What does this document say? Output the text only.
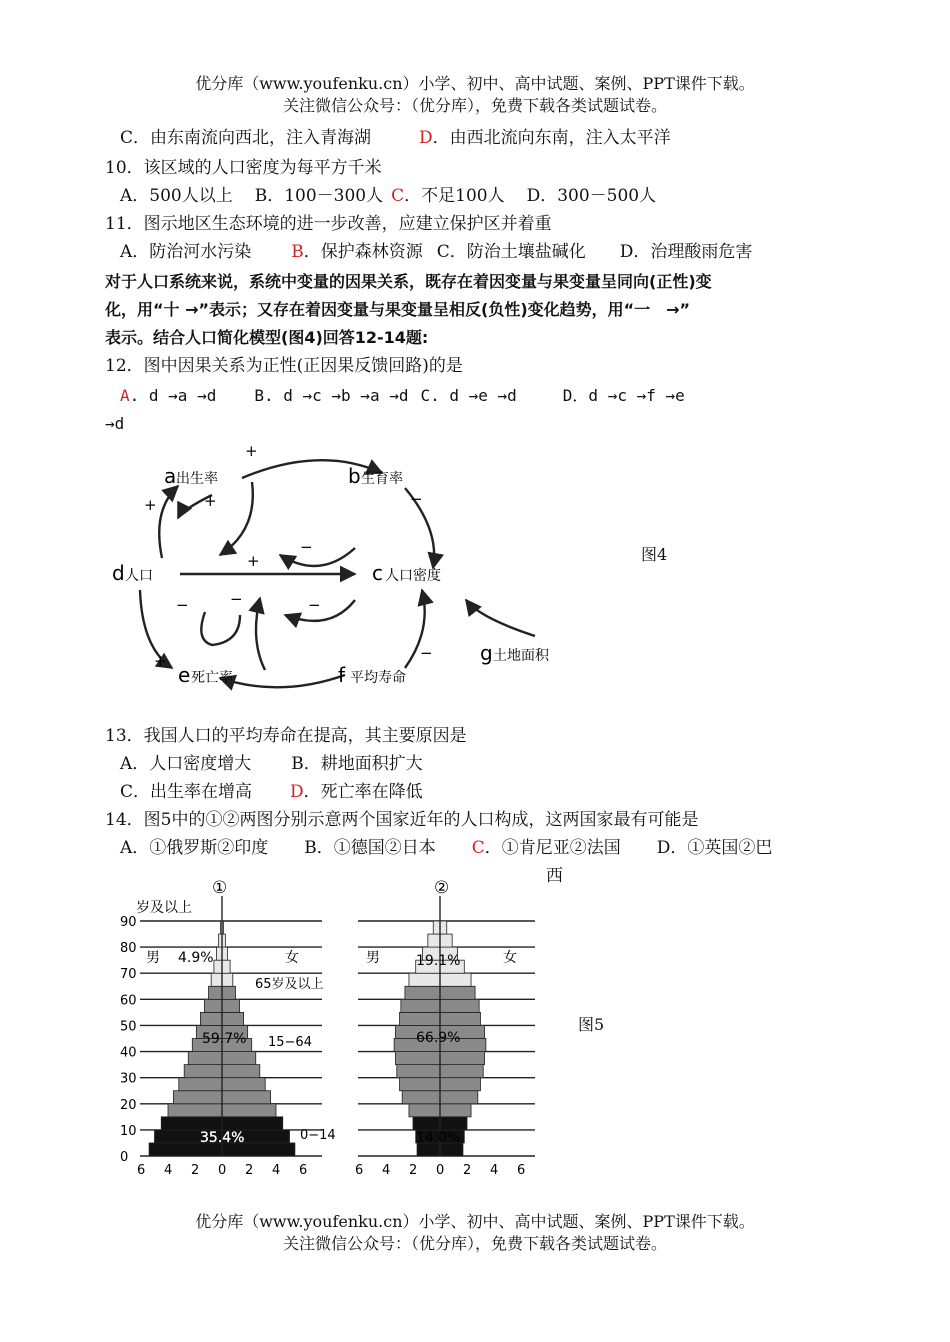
优分库（www.youfenku.cn）小学、初中、高中试题、案例、PPT课件下载。
关注微信公众号：（优分库），免费下载各类试题试卷。
C．由东南流向西北，注入青海湖	D．由西北流向东南，注入太平洋
10．该区域的人口密度为每平方千米
A．500人以上 B．100－300人 C．不足100人 D．300－500人
11．图示地区生态环境的进一步改善，应建立保护区并着重
A．防治河水污染 B．保护森林资源 C．防治土壤盐碱化 D．治理酸雨危害
对于人口系统来说，系统中变量的因果关系，既存在着因变量与果变量呈同向(正性)变
化，用“十 →”表示；又存在着因变量与果变量呈相反(负性)变化趋势，用“一　→”
表示。结合人口简化模型(图4)回答12-14题:
12．图中因果关系为正性(正因果反馈回路)的是
A. d →a →d B. d →c →b →a →d C. d →e →d	D．d →c →f →e
→d
a 出生率	b 生育率
d 人口	c 人口密度
e 死亡率	f 平均寿命
g 土地面积
+
+	+	−
+
−
−	−	−
+	−
图4
13．我国人口的平均寿命在提高，其主要原因是
A．人口密度增大 B．耕地面积扩大
C．出生率在增高 D．死亡率在降低
14．图5中的①②两图分别示意两个国家近年的人口构成，这两国家最有可能是
A．①俄罗斯②印度 B．①德国②日本 C．①肯尼亚②法国 D．①英国②巴
西
①	②
岁及以上
男	女	男	女
65岁及以上
15−64
0−14
4.9%
59.7%
35.4%
19.1%
66.9%
14.0%
90
80
70
60
50
40
30
20
10
0
6 4 2 0 2 4 6	6 4 2 0 2 4 6
图5
优分库（www.youfenku.cn）小学、初中、高中试题、案例、PPT课件下载。
关注微信公众号：（优分库），免费下载各类试题试卷。
